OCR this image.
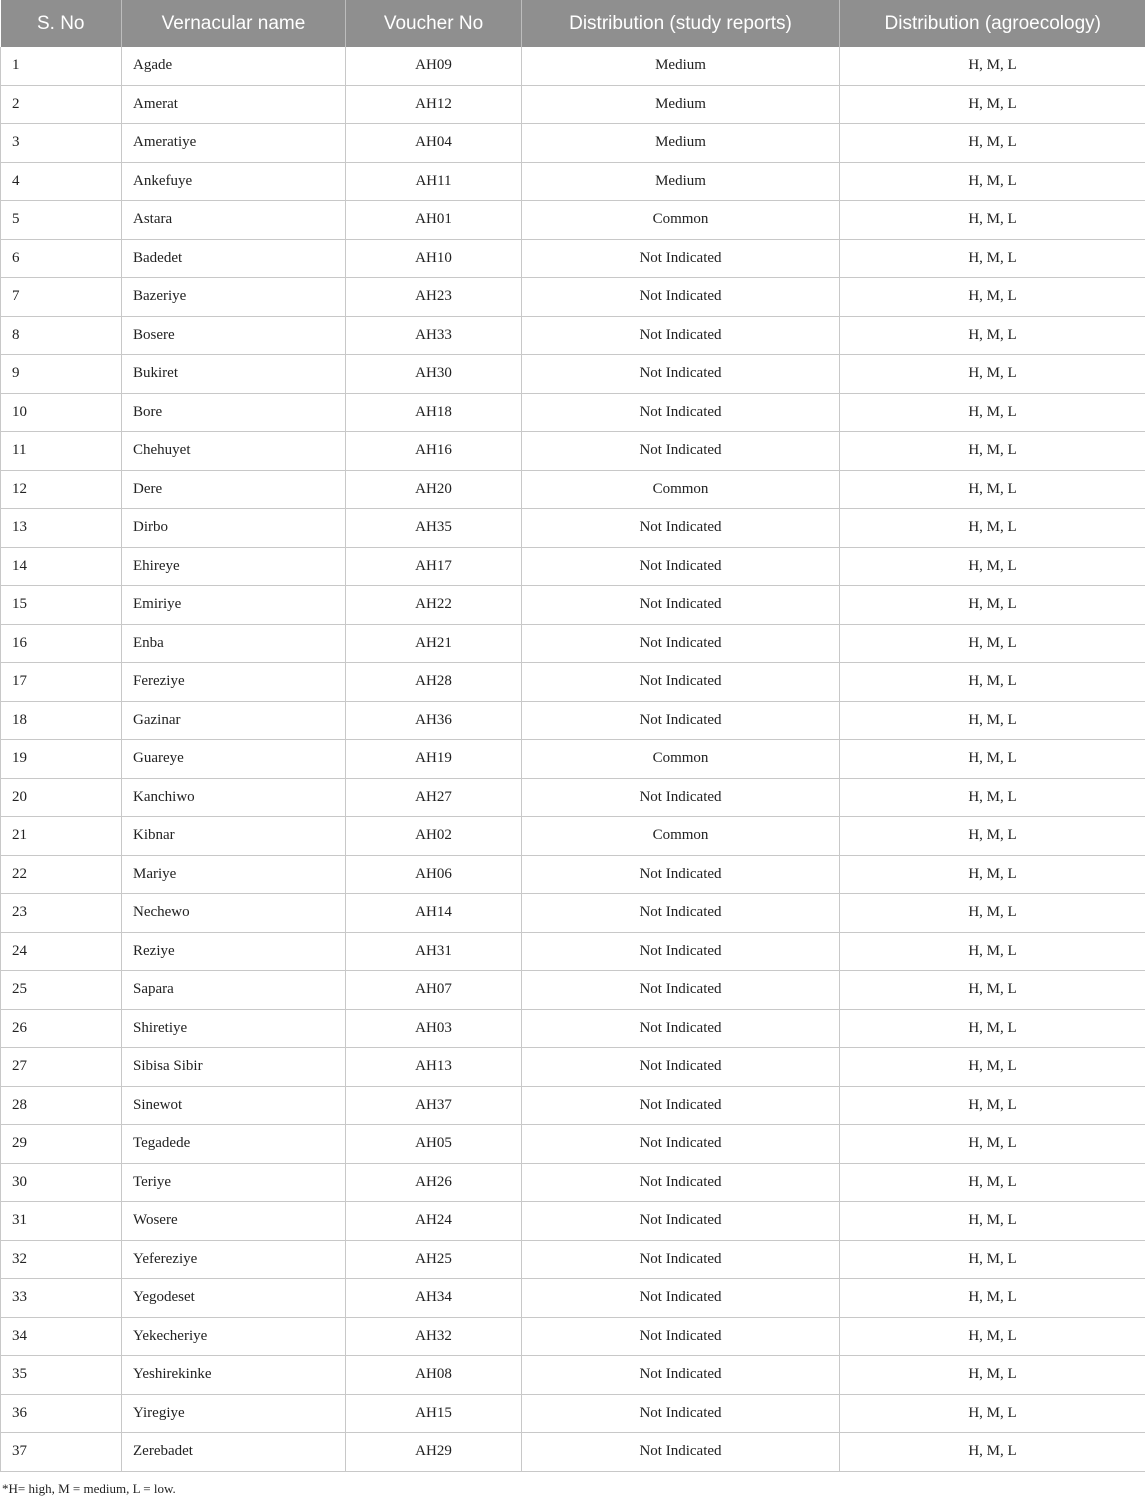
S. No	Vernacular name	Voucher No	Distribution (study reports)	Distribution (agroecology)
1	Agade	AH09	Medium	H, M, L
2	Amerat	AH12	Medium	H, M, L
3	Ameratiye	AH04	Medium	H, M, L
4	Ankefuye	AH11	Medium	H, M, L
5	Astara	AH01	Common	H, M, L
6	Badedet	AH10	Not Indicated	H, M, L
7	Bazeriye	AH23	Not Indicated	H, M, L
8	Bosere	AH33	Not Indicated	H, M, L
9	Bukiret	AH30	Not Indicated	H, M, L
10	Bore	AH18	Not Indicated	H, M, L
11	Chehuyet	AH16	Not Indicated	H, M, L
12	Dere	AH20	Common	H, M, L
13	Dirbo	AH35	Not Indicated	H, M, L
14	Ehireye	AH17	Not Indicated	H, M, L
15	Emiriye	AH22	Not Indicated	H, M, L
16	Enba	AH21	Not Indicated	H, M, L
17	Fereziye	AH28	Not Indicated	H, M, L
18	Gazinar	AH36	Not Indicated	H, M, L
19	Guareye	AH19	Common	H, M, L
20	Kanchiwo	AH27	Not Indicated	H, M, L
21	Kibnar	AH02	Common	H, M, L
22	Mariye	AH06	Not Indicated	H, M, L
23	Nechewo	AH14	Not Indicated	H, M, L
24	Reziye	AH31	Not Indicated	H, M, L
25	Sapara	AH07	Not Indicated	H, M, L
26	Shiretiye	AH03	Not Indicated	H, M, L
27	Sibisa Sibir	AH13	Not Indicated	H, M, L
28	Sinewot	AH37	Not Indicated	H, M, L
29	Tegadede	AH05	Not Indicated	H, M, L
30	Teriye	AH26	Not Indicated	H, M, L
31	Wosere	AH24	Not Indicated	H, M, L
32	Yefereziye	AH25	Not Indicated	H, M, L
33	Yegodeset	AH34	Not Indicated	H, M, L
34	Yekecheriye	AH32	Not Indicated	H, M, L
35	Yeshirekinke	AH08	Not Indicated	H, M, L
36	Yiregiye	AH15	Not Indicated	H, M, L
37	Zerebadet	AH29	Not Indicated	H, M, L
*H= high, M = medium, L = low.
